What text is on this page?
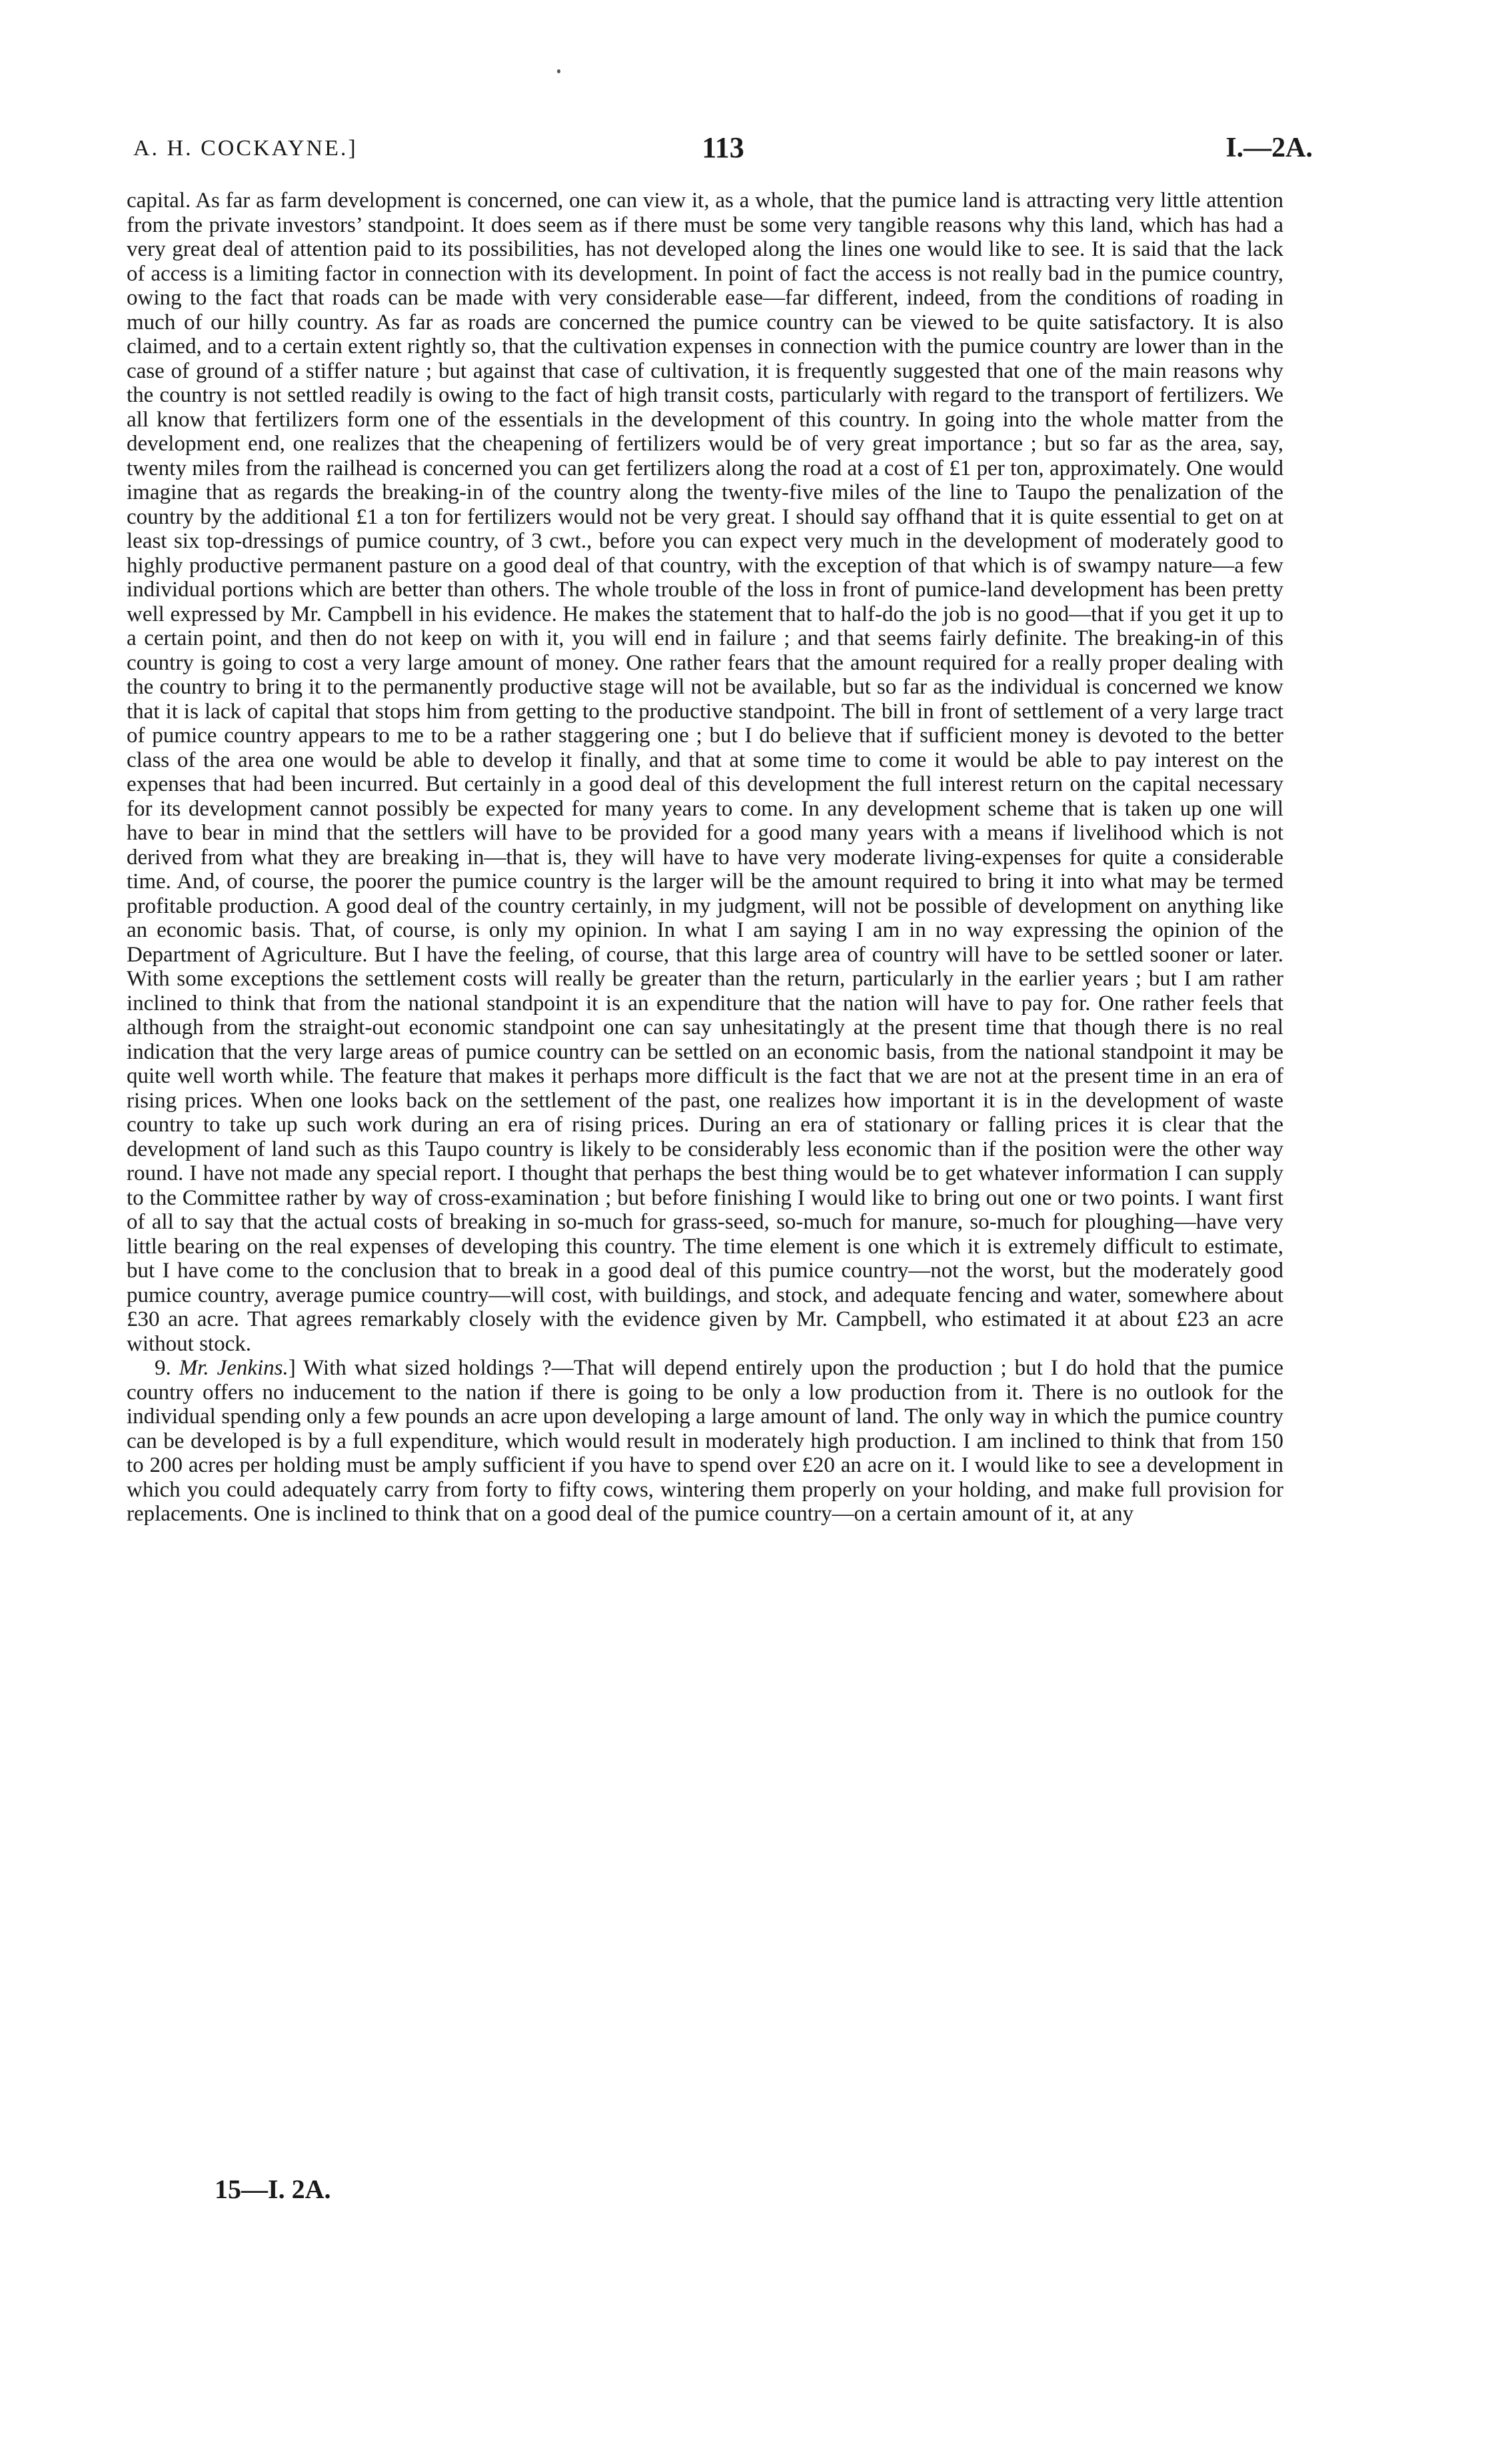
A. H. COCKAYNE.]	113	I.—2A.

capital. As far as farm development is concerned, one can view it, as a whole, that the pumice land is attracting very little attention from the private investors’ standpoint. It does seem as if there must be some very tangible reasons why this land, which has had a very great deal of attention paid to its possibilities, has not developed along the lines one would like to see. It is said that the lack of access is a limiting factor in connection with its development. In point of fact the access is not really bad in the pumice country, owing to the fact that roads can be made with very considerable ease—far different, indeed, from the conditions of roading in much of our hilly country. As far as roads are concerned the pumice country can be viewed to be quite satisfactory. It is also claimed, and to a certain extent rightly so, that the cultivation expenses in connection with the pumice country are lower than in the case of ground of a stiffer nature ; but against that case of cultivation, it is frequently suggested that one of the main reasons why the country is not settled readily is owing to the fact of high transit costs, particularly with regard to the transport of fertilizers. We all know that fertilizers form one of the essentials in the development of this country. In going into the whole matter from the development end, one realizes that the cheapening of fertilizers would be of very great importance ; but so far as the area, say, twenty miles from the railhead is concerned you can get fertilizers along the road at a cost of £1 per ton, approximately. One would imagine that as regards the breaking-in of the country along the twenty-five miles of the line to Taupo the penalization of the country by the additional £1 a ton for fertilizers would not be very great. I should say offhand that it is quite essential to get on at least six top-dressings of pumice country, of 3 cwt., before you can expect very much in the development of moderately good to highly productive permanent pasture on a good deal of that country, with the exception of that which is of swampy nature—a few individual portions which are better than others. The whole trouble of the loss in front of pumice-land development has been pretty well expressed by Mr. Campbell in his evidence. He makes the statement that to half-do the job is no good—that if you get it up to a certain point, and then do not keep on with it, you will end in failure ; and that seems fairly definite. The breaking-in of this country is going to cost a very large amount of money. One rather fears that the amount required for a really proper dealing with the country to bring it to the permanently productive stage will not be available, but so far as the individual is concerned we know that it is lack of capital that stops him from getting to the productive standpoint. The bill in front of settlement of a very large tract of pumice country appears to me to be a rather staggering one ; but I do believe that if sufficient money is devoted to the better class of the area one would be able to develop it finally, and that at some time to come it would be able to pay interest on the expenses that had been incurred. But certainly in a good deal of this development the full interest return on the capital necessary for its development cannot possibly be expected for many years to come. In any development scheme that is taken up one will have to bear in mind that the settlers will have to be provided for a good many years with a means if livelihood which is not derived from what they are breaking in—that is, they will have to have very moderate living-expenses for quite a considerable time. And, of course, the poorer the pumice country is the larger will be the amount required to bring it into what may be termed profitable production. A good deal of the country certainly, in my judgment, will not be possible of development on anything like an economic basis. That, of course, is only my opinion. In what I am saying I am in no way expressing the opinion of the Department of Agriculture. But I have the feeling, of course, that this large area of country will have to be settled sooner or later. With some exceptions the settlement costs will really be greater than the return, particularly in the earlier years ; but I am rather inclined to think that from the national standpoint it is an expenditure that the nation will have to pay for. One rather feels that although from the straight-out economic standpoint one can say unhesitatingly at the present time that though there is no real indication that the very large areas of pumice country can be settled on an economic basis, from the national standpoint it may be quite well worth while. The feature that makes it perhaps more difficult is the fact that we are not at the present time in an era of rising prices. When one looks back on the settlement of the past, one realizes how important it is in the development of waste country to take up such work during an era of rising prices. During an era of stationary or falling prices it is clear that the development of land such as this Taupo country is likely to be considerably less economic than if the position were the other way round. I have not made any special report. I thought that perhaps the best thing would be to get whatever information I can supply to the Committee rather by way of cross-examination ; but before finishing I would like to bring out one or two points. I want first of all to say that the actual costs of breaking in so-much for grass-seed, so-much for manure, so-much for ploughing—have very little bearing on the real expenses of developing this country. The time element is one which it is extremely difficult to estimate, but I have come to the conclusion that to break in a good deal of this pumice country—not the worst, but the moderately good pumice country, average pumice country—will cost, with buildings, and stock, and adequate fencing and water, somewhere about £30 an acre. That agrees remarkably closely with the evidence given by Mr. Campbell, who estimated it at about £23 an acre without stock.

9. Mr. Jenkins.] With what sized holdings ?—That will depend entirely upon the production ; but I do hold that the pumice country offers no inducement to the nation if there is going to be only a low production from it. There is no outlook for the individual spending only a few pounds an acre upon developing a large amount of land. The only way in which the pumice country can be developed is by a full expenditure, which would result in moderately high production. I am inclined to think that from 150 to 200 acres per holding must be amply sufficient if you have to spend over £20 an acre on it. I would like to see a development in which you could adequately carry from forty to fifty cows, wintering them properly on your holding, and make full provision for replacements. One is inclined to think that on a good deal of the pumice country—on a certain amount of it, at any

15—I. 2A.
